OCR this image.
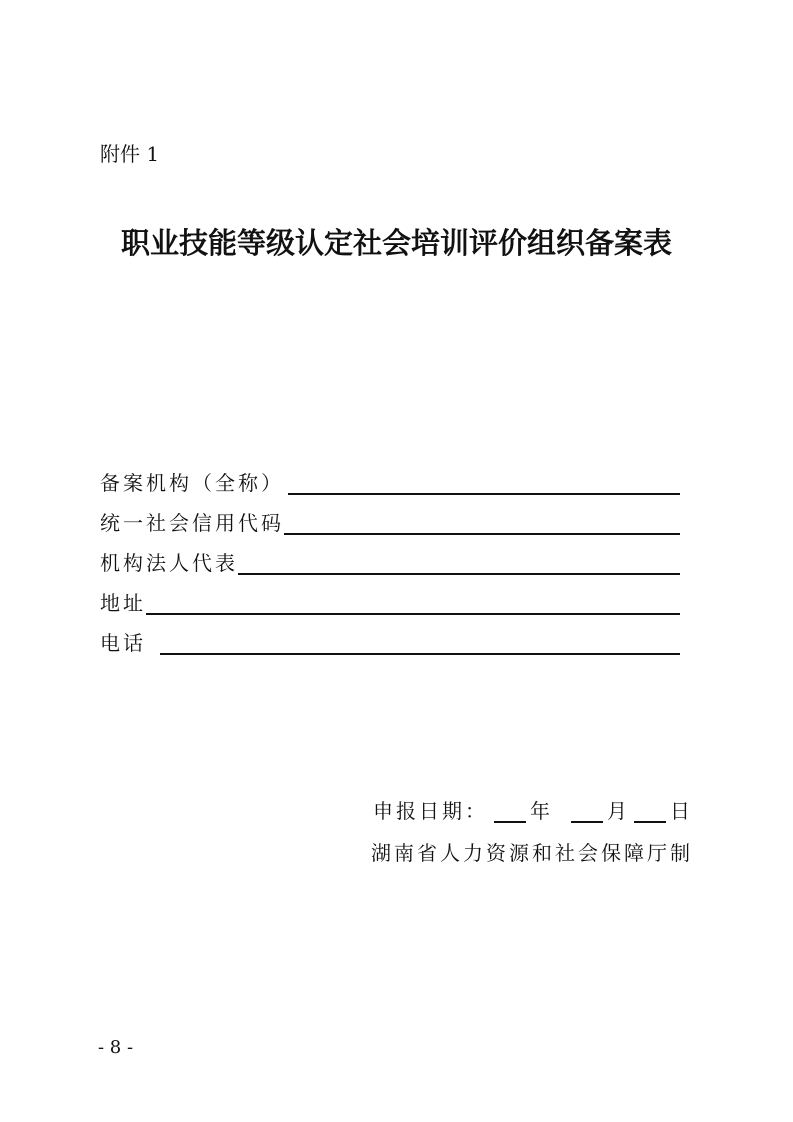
附件 1
职业技能等级认定社会培训评价组织备案表
备案机构（全称）
统一社会信用代码
机构法人代表
地址
电话
申报日期： 年	月 日
湖南省人力资源和社会保障厅制
- 8 -
